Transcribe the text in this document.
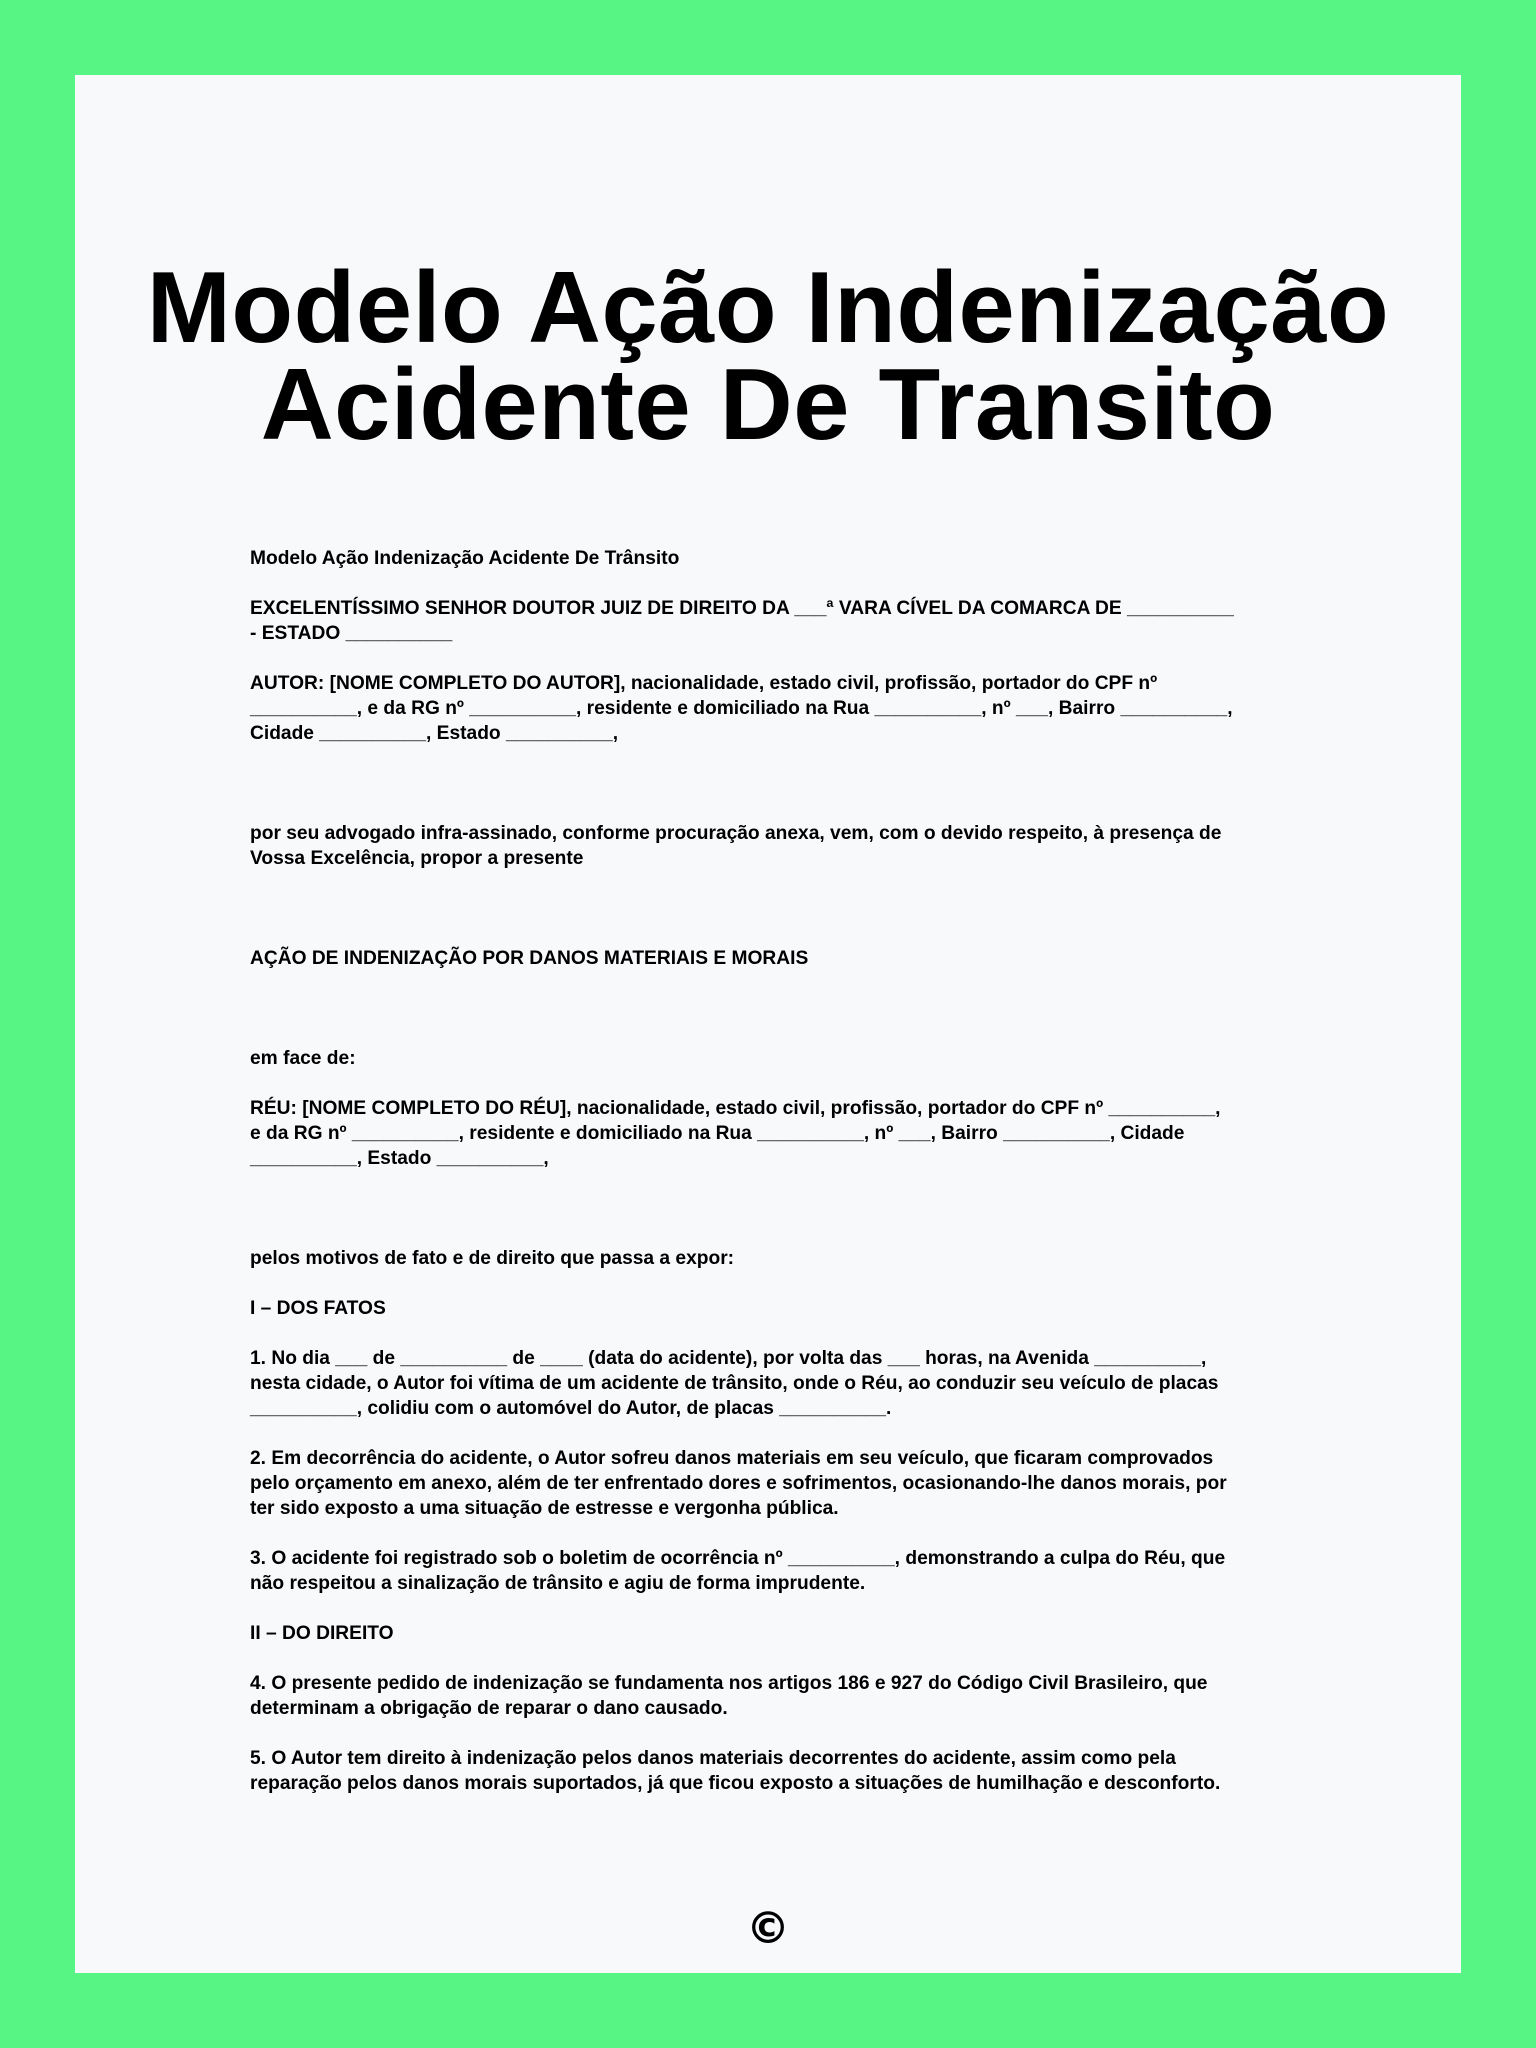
Modelo Ação Indenização
Acidente De Transito

Modelo Ação Indenização Acidente De Trânsito

EXCELENTÍSSIMO SENHOR DOUTOR JUIZ DE DIREITO DA ___ª VARA CÍVEL DA COMARCA DE __________
- ESTADO __________

AUTOR: [NOME COMPLETO DO AUTOR], nacionalidade, estado civil, profissão, portador do CPF nº
__________, e da RG nº __________, residente e domiciliado na Rua __________, nº ___, Bairro __________,
Cidade __________, Estado __________,

por seu advogado infra-assinado, conforme procuração anexa, vem, com o devido respeito, à presença de
Vossa Excelência, propor a presente

AÇÃO DE INDENIZAÇÃO POR DANOS MATERIAIS E MORAIS

em face de:

RÉU: [NOME COMPLETO DO RÉU], nacionalidade, estado civil, profissão, portador do CPF nº __________,
e da RG nº __________, residente e domiciliado na Rua __________, nº ___, Bairro __________, Cidade
__________, Estado __________,

pelos motivos de fato e de direito que passa a expor:

I – DOS FATOS

1. No dia ___ de __________ de ____ (data do acidente), por volta das ___ horas, na Avenida __________,
nesta cidade, o Autor foi vítima de um acidente de trânsito, onde o Réu, ao conduzir seu veículo de placas
__________, colidiu com o automóvel do Autor, de placas __________.

2. Em decorrência do acidente, o Autor sofreu danos materiais em seu veículo, que ficaram comprovados
pelo orçamento em anexo, além de ter enfrentado dores e sofrimentos, ocasionando-lhe danos morais, por
ter sido exposto a uma situação de estresse e vergonha pública.

3. O acidente foi registrado sob o boletim de ocorrência nº __________, demonstrando a culpa do Réu, que
não respeitou a sinalização de trânsito e agiu de forma imprudente.

II – DO DIREITO

4. O presente pedido de indenização se fundamenta nos artigos 186 e 927 do Código Civil Brasileiro, que
determinam a obrigação de reparar o dano causado.

5. O Autor tem direito à indenização pelos danos materiais decorrentes do acidente, assim como pela
reparação pelos danos morais suportados, já que ficou exposto a situações de humilhação e desconforto.

©
